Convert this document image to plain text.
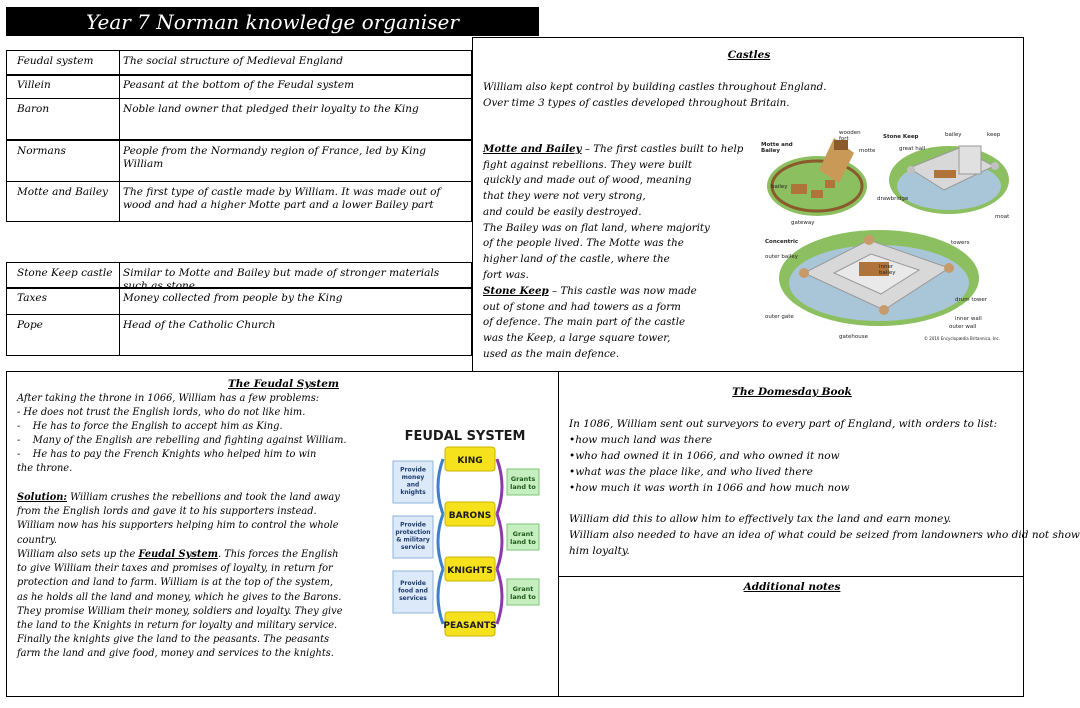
Year 7 Norman knowledge organiser
Feudal system	The social structure of Medieval England
Villein	Peasant at the bottom of the Feudal system
Baron	Noble land owner that pledged their loyalty to the King
Normans	People from the Normandy region of France, led by King William
Motte and Bailey	The first type of castle made by William. It was made out of wood and had a higher Motte part and a lower Bailey part
Stone Keep castle	Similar to Motte and Bailey but made of stronger materials such as stone
Taxes	Money collected from people by the King
Pope	Head of the Catholic Church
Castles
William also kept control by building castles throughout England.
Over time 3 types of castles developed throughout Britain.
Motte and Bailey – The first castles built to help
fight against rebellions. They were built
quickly and made out of wood, meaning
that they were not very strong,
and could be easily destroyed.
The Bailey was on flat land, where majority
of the people lived. The Motte was the
higher land of the castle, where the
fort was.
Stone Keep – This castle was now made
out of stone and had towers as a form
of defence. The main part of the castle
was the Keep, a large square tower,
used as the main defence.
Motte and Bailey
wooden fort
motte
bailey
gateway
Stone Keep
great hall
bailey	keep
drawbridge
moat
Concentric	towers
outer bailey
inner bailey
drum tower
outer gate	inner wall
outer wall
gatehouse	© 2010 Encyclopædia Britannica, Inc.
The Feudal System
After taking the throne in 1066, William has a few problems:
- He does not trust the English lords, who do not like him.
-    He has to force the English to accept him as King.
-    Many of the English are rebelling and fighting against William.
-    He has to pay the French Knights who helped him to win
the throne.
Solution: William crushes the rebellions and took the land away
from the English lords and gave it to his supporters instead.
William now has his supporters helping him to control the whole
country.
William also sets up the Feudal System. This forces the English
to give William their taxes and promises of loyalty, in return for
protection and land to farm. William is at the top of the system,
as he holds all the land and money, which he gives to the Barons.
They promise William their money, soldiers and loyalty. They give
the land to the Knights in return for loyalty and military service.
Finally the knights give the land to the peasants. The peasants
farm the land and give food, money and services to the knights.
FEUDAL SYSTEM
KING
BARONS
KNIGHTS
PEASANTS
Provide
money
and
knights
Provide
protection
& military
service
Provide
food and
services
Grants
land to
Grant
land to
Grant
land to
The Domesday Book
In 1086, William sent out surveyors to every part of England, with orders to list:
•how much land was there
•who had owned it in 1066, and who owned it now
•what was the place like, and who lived there
•how much it was worth in 1066 and how much now
William did this to allow him to effectively tax the land and earn money.
William also needed to have an idea of what could be seized from landowners who did not show
him loyalty.
Additional notes
